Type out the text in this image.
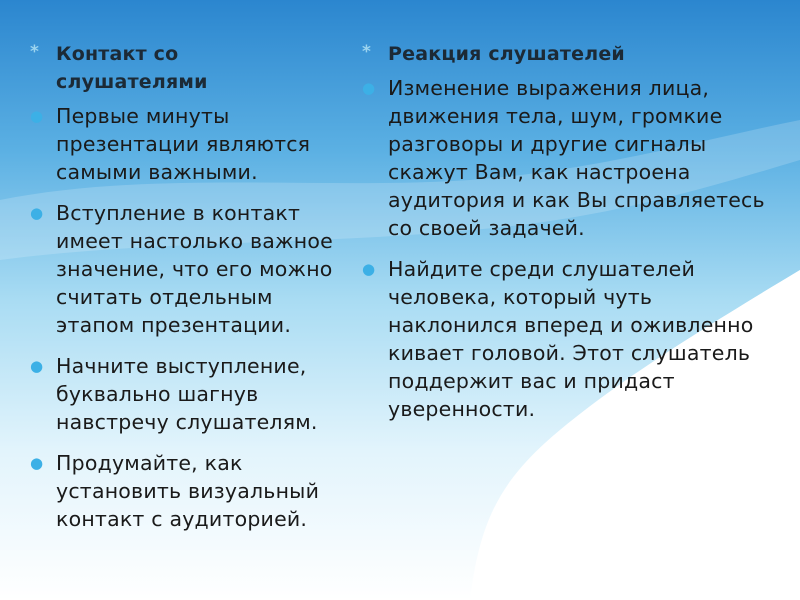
* Контакт со слушателями
● Первые минуты презентации являются самыми важными.
● Вступление в контакт имеет настолько важное значение, что его можно считать отдельным этапом презентации.
● Начните выступление, буквально шагнув навстречу слушателям.
● Продумайте, как установить визуальный контакт с аудиторией.
* Реакция слушателей
● Изменение выражения лица, движения тела, шум, громкие разговоры и другие сигналы скажут Вам, как настроена аудитория и как Вы справляетесь со своей задачей.
● Найдите среди слушателей человека, который чуть наклонился вперед и оживленно кивает головой. Этот слушатель поддержит вас и придаст уверенности.
